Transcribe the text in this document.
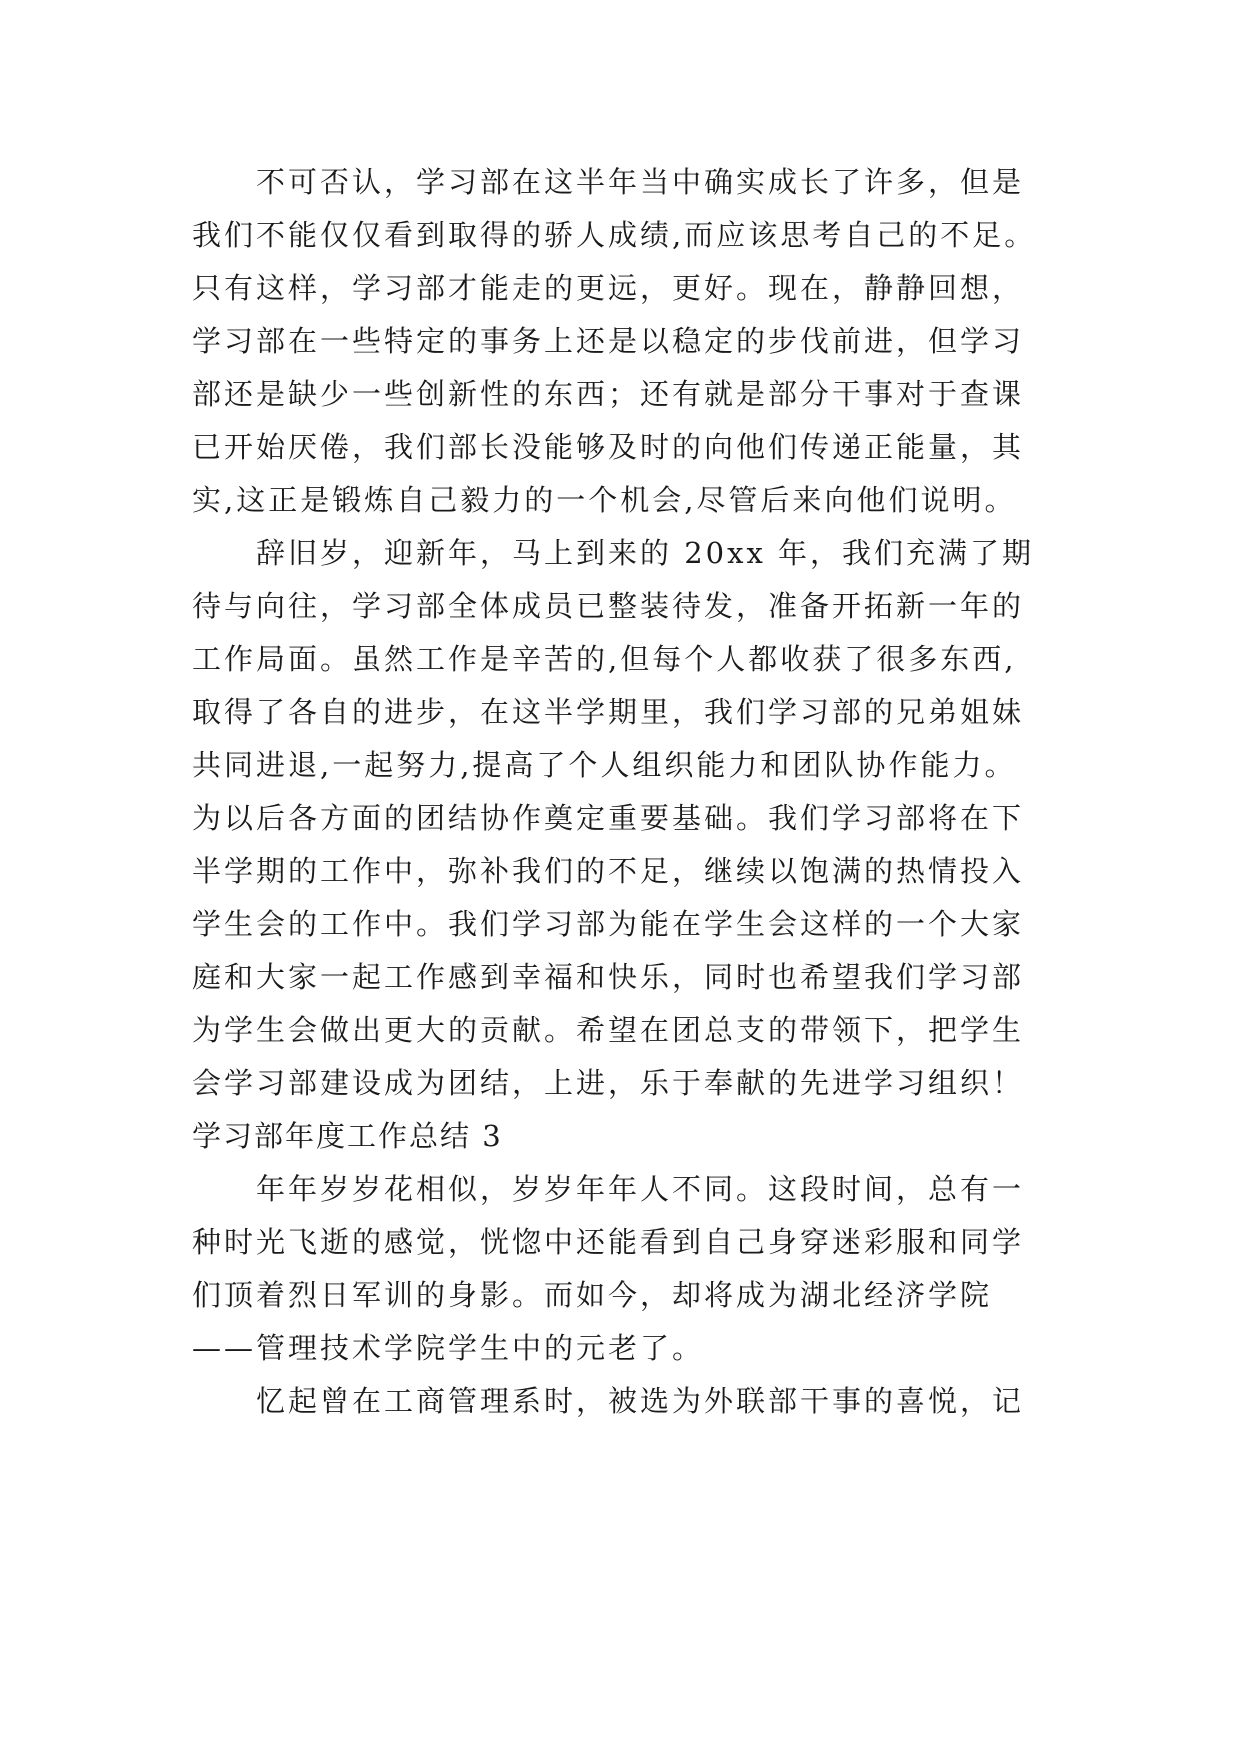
不可否认，学习部在这半年当中确实成长了许多，但是
我们不能仅仅看到取得的骄人成绩,而应该思考自己的不足。
只有这样，学习部才能走的更远，更好。现在，静静回想，
学习部在一些特定的事务上还是以稳定的步伐前进，但学习
部还是缺少一些创新性的东西；还有就是部分干事对于查课
已开始厌倦，我们部长没能够及时的向他们传递正能量，其
实,这正是锻炼自己毅力的一个机会,尽管后来向他们说明。
辞旧岁，迎新年，马上到来的 20xx 年，我们充满了期
待与向往，学习部全体成员已整装待发，准备开拓新一年的
工作局面。虽然工作是辛苦的,但每个人都收获了很多东西,
取得了各自的进步，在这半学期里，我们学习部的兄弟姐妹
共同进退,一起努力,提高了个人组织能力和团队协作能力。
为以后各方面的团结协作奠定重要基础。我们学习部将在下
半学期的工作中，弥补我们的不足，继续以饱满的热情投入
学生会的工作中。我们学习部为能在学生会这样的一个大家
庭和大家一起工作感到幸福和快乐，同时也希望我们学习部
为学生会做出更大的贡献。希望在团总支的带领下，把学生
会学习部建设成为团结，上进，乐于奉献的先进学习组织！
学习部年度工作总结 3
年年岁岁花相似，岁岁年年人不同。这段时间，总有一
种时光飞逝的感觉，恍惚中还能看到自己身穿迷彩服和同学
们顶着烈日军训的身影。而如今，却将成为湖北经济学院
——管理技术学院学生中的元老了。
忆起曾在工商管理系时，被选为外联部干事的喜悦，记
